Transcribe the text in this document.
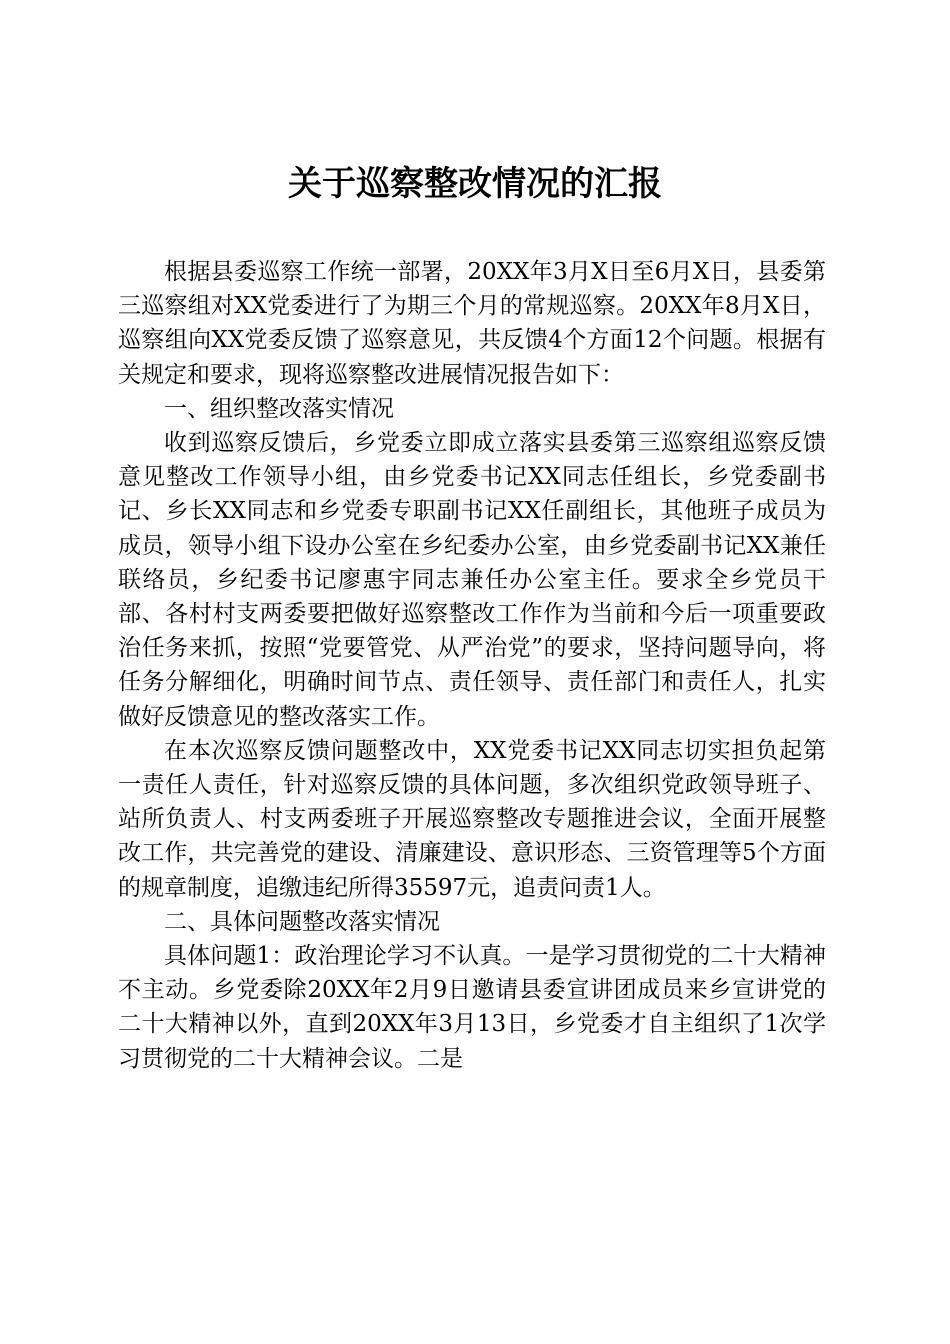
关于巡察整改情况的汇报

根据县委巡察工作统一部署，20XX年3月X日至6月X日，县委第三巡察组对XX党委进行了为期三个月的常规巡察。20XX年8月X日，巡察组向XX党委反馈了巡察意见，共反馈4个方面12个问题。根据有关规定和要求，现将巡察整改进展情况报告如下：

一、组织整改落实情况

收到巡察反馈后，乡党委立即成立落实县委第三巡察组巡察反馈意见整改工作领导小组，由乡党委书记XX同志任组长，乡党委副书记、乡长XX同志和乡党委专职副书记XX任副组长，其他班子成员为成员，领导小组下设办公室在乡纪委办公室，由乡党委副书记XX兼任联络员，乡纪委书记廖惠宇同志兼任办公室主任。要求全乡党员干部、各村村支两委要把做好巡察整改工作作为当前和今后一项重要政治任务来抓，按照“党要管党、从严治党”的要求，坚持问题导向，将任务分解细化，明确时间节点、责任领导、责任部门和责任人，扎实做好反馈意见的整改落实工作。

在本次巡察反馈问题整改中，XX党委书记XX同志切实担负起第一责任人责任，针对巡察反馈的具体问题，多次组织党政领导班子、站所负责人、村支两委班子开展巡察整改专题推进会议，全面开展整改工作，共完善党的建设、清廉建设、意识形态、三资管理等5个方面的规章制度，追缴违纪所得35597元，追责问责1人。

二、具体问题整改落实情况

具体问题1：政治理论学习不认真。一是学习贯彻党的二十大精神不主动。乡党委除20XX年2月9日邀请县委宣讲团成员来乡宣讲党的二十大精神以外，直到20XX年3月13日，乡党委才自主组织了1次学习贯彻党的二十大精神会议。二是
